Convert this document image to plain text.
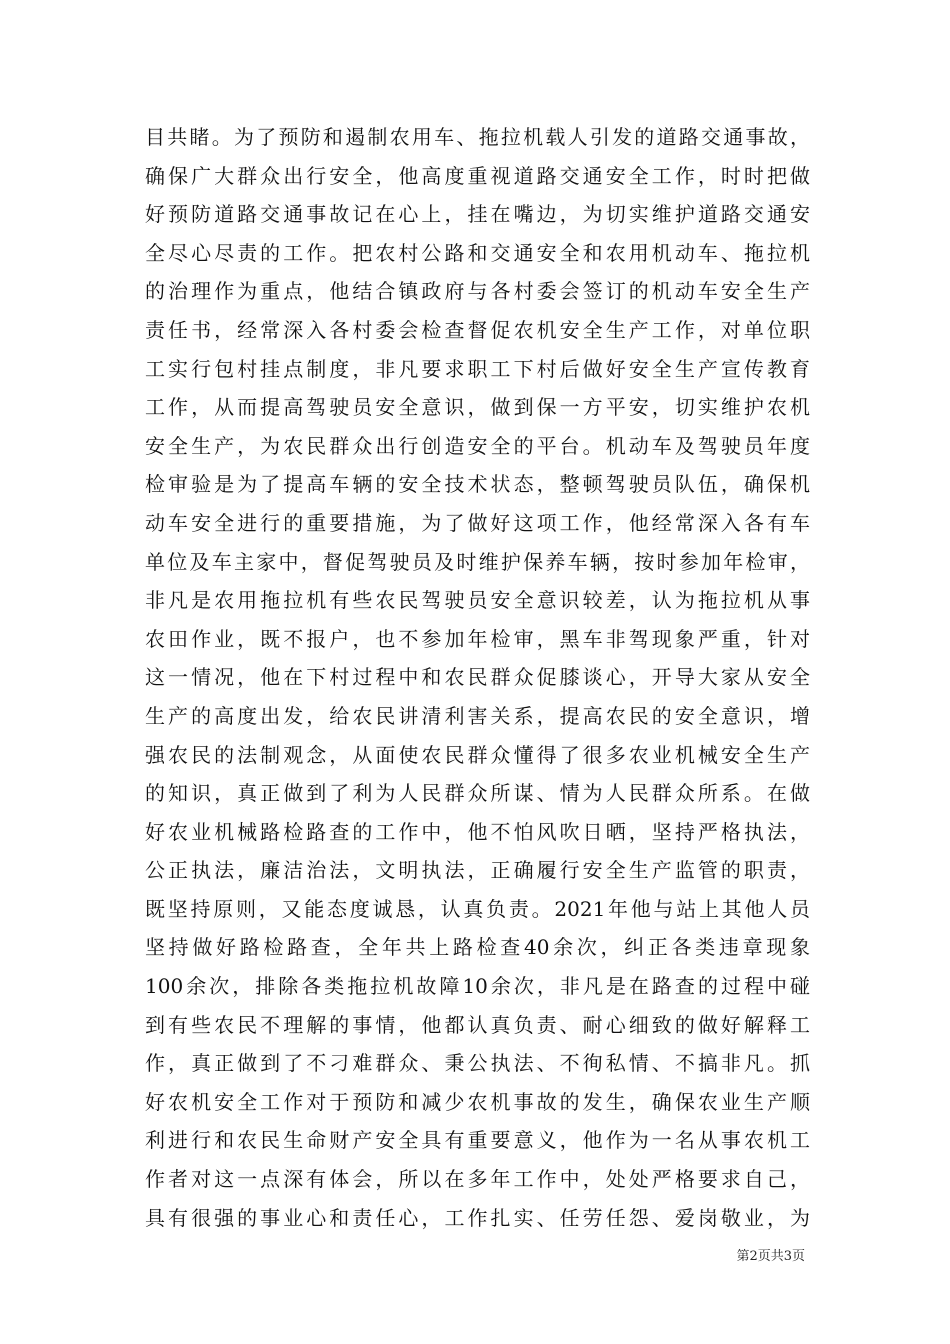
目共睹。为了预防和遏制农用车、拖拉机载人引发的道路交通事故，
确保广大群众出行安全，他高度重视道路交通安全工作，时时把做
好预防道路交通事故记在心上，挂在嘴边，为切实维护道路交通安
全尽心尽责的工作。把农村公路和交通安全和农用机动车、拖拉机
的治理作为重点，他结合镇政府与各村委会签订的机动车安全生产
责任书，经常深入各村委会检查督促农机安全生产工作，对单位职
工实行包村挂点制度，非凡要求职工下村后做好安全生产宣传教育
工作，从而提高驾驶员安全意识，做到保一方平安，切实维护农机
安全生产，为农民群众出行创造安全的平台。机动车及驾驶员年度
检审验是为了提高车辆的安全技术状态，整顿驾驶员队伍，确保机
动车安全进行的重要措施，为了做好这项工作，他经常深入各有车
单位及车主家中，督促驾驶员及时维护保养车辆，按时参加年检审，
非凡是农用拖拉机有些农民驾驶员安全意识较差，认为拖拉机从事
农田作业，既不报户，也不参加年检审，黑车非驾现象严重，针对
这一情况，他在下村过程中和农民群众促膝谈心，开导大家从安全
生产的高度出发，给农民讲清利害关系，提高农民的安全意识，增
强农民的法制观念，从面使农民群众懂得了很多农业机械安全生产
的知识，真正做到了利为人民群众所谋、情为人民群众所系。在做
好农业机械路检路查的工作中，他不怕风吹日晒，坚持严格执法，
公正执法，廉洁治法，文明执法，正确履行安全生产监管的职责，
既坚持原则，又能态度诚恳，认真负责。2021年他与站上其他人员
坚持做好路检路查，全年共上路检查40余次，纠正各类违章现象
100余次，排除各类拖拉机故障10余次，非凡是在路查的过程中碰
到有些农民不理解的事情，他都认真负责、耐心细致的做好解释工
作，真正做到了不刁难群众、秉公执法、不徇私情、不搞非凡。抓
好农机安全工作对于预防和减少农机事故的发生，确保农业生产顺
利进行和农民生命财产安全具有重要意义，他作为一名从事农机工
作者对这一点深有体会，所以在多年工作中，处处严格要求自己，
具有很强的事业心和责任心，工作扎实、任劳任怨、爱岗敬业，为
第2页共3页
